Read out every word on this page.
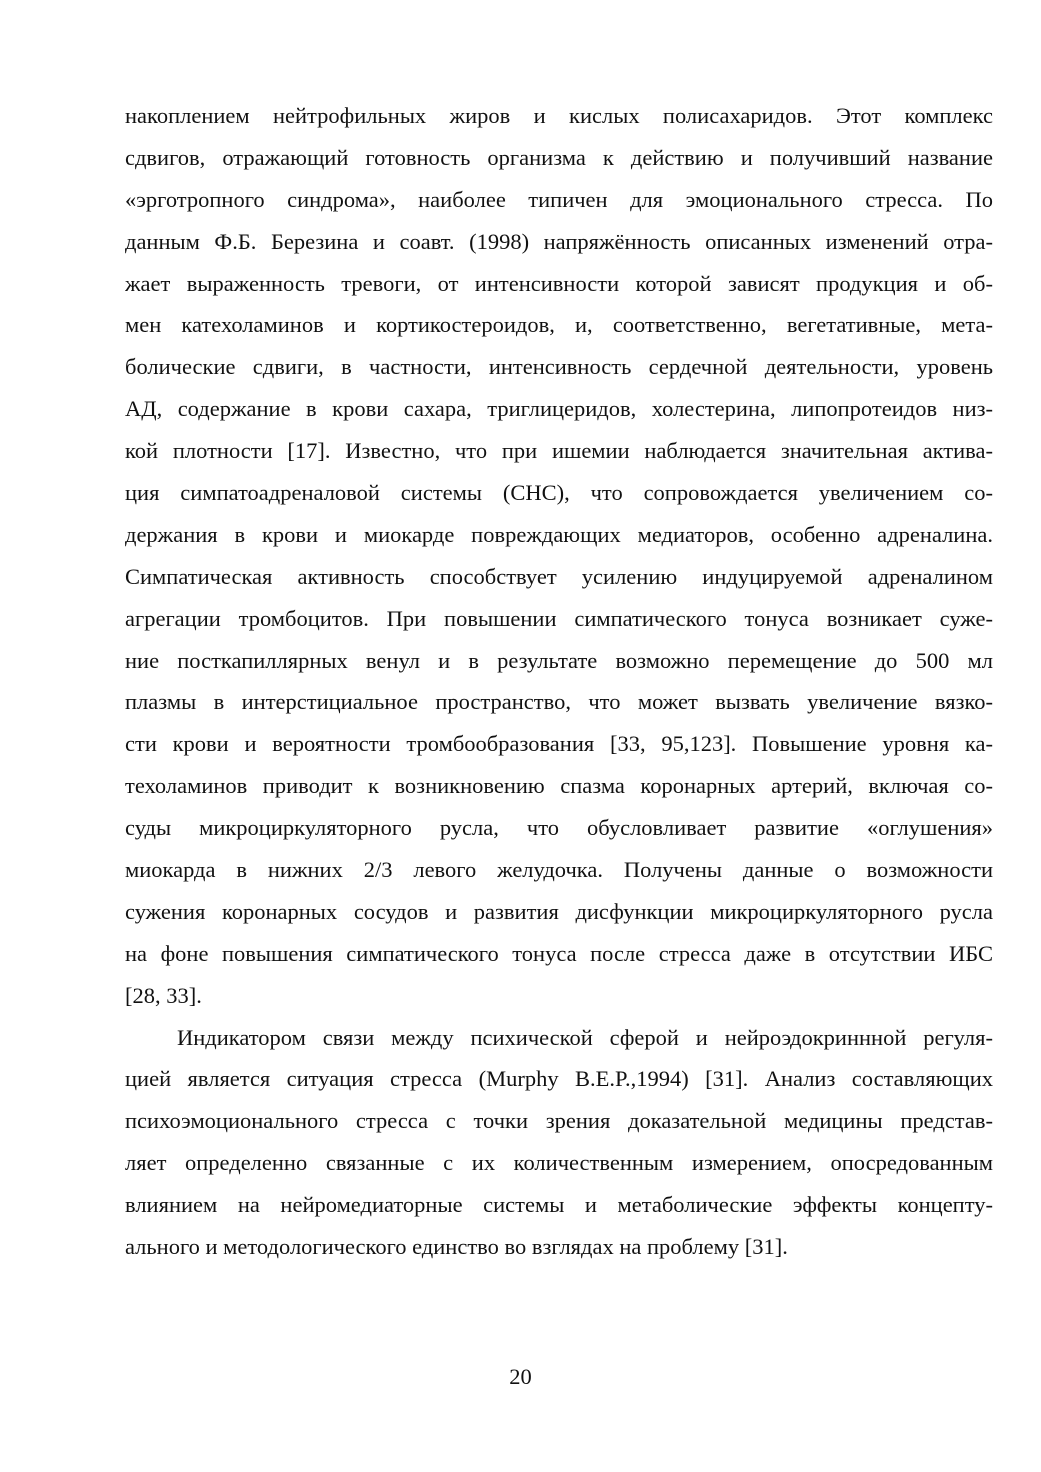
накоплением нейтрофильных жиров и кислых полисахаридов. Этот комплекс
сдвигов, отражающий готовность организма к действию и получивший название
«эрготропного синдрома», наиболее типичен для эмоционального стресса. По
данным Ф.Б. Березина и соавт. (1998) напряжённость описанных изменений отра-
жает выраженность тревоги, от интенсивности которой зависят продукция и об-
мен катехоламинов и кортикостероидов, и, соответственно, вегетативные, мета-
болические сдвиги, в частности, интенсивность сердечной деятельности, уровень
АД, содержание в крови сахара, триглицеридов, холестерина, липопротеидов низ-
кой плотности [17]. Известно, что при ишемии наблюдается значительная актива-
ция симпатоадреналовой системы (СНС), что сопровождается увеличением со-
держания в крови и миокарде повреждающих медиаторов, особенно адреналина.
Симпатическая активность способствует усилению индуцируемой адреналином
агрегации тромбоцитов. При повышении симпатического тонуса возникает суже-
ние посткапиллярных венул и в результате возможно перемещение до 500 мл
плазмы в интерстициальное пространство, что может вызвать увеличение вязко-
сти крови и вероятности тромбообразования [33, 95,123]. Повышение уровня ка-
техоламинов приводит к возникновению спазма коронарных артерий, включая со-
суды микроциркуляторного русла, что обусловливает развитие «оглушения»
миокарда в нижних 2/3 левого желудочка. Получены данные о возможности
сужения коронарных сосудов и развития дисфункции микроциркуляторного русла
на фоне повышения симпатического тонуса после стресса даже в отсутствии ИБС
[28, 33].
Индикатором связи между психической сферой и нейроэдокриннной регуля-
цией является ситуация стресса (Murphy B.E.P.,1994) [31]. Анализ составляющих
психоэмоционального стресса с точки зрения доказательной медицины представ-
ляет определенно связанные с их количественным измерением, опосредованным
влиянием на нейромедиаторные системы и метаболические эффекты концепту-
ального и методологического единство во взглядах на проблему [31].
20
